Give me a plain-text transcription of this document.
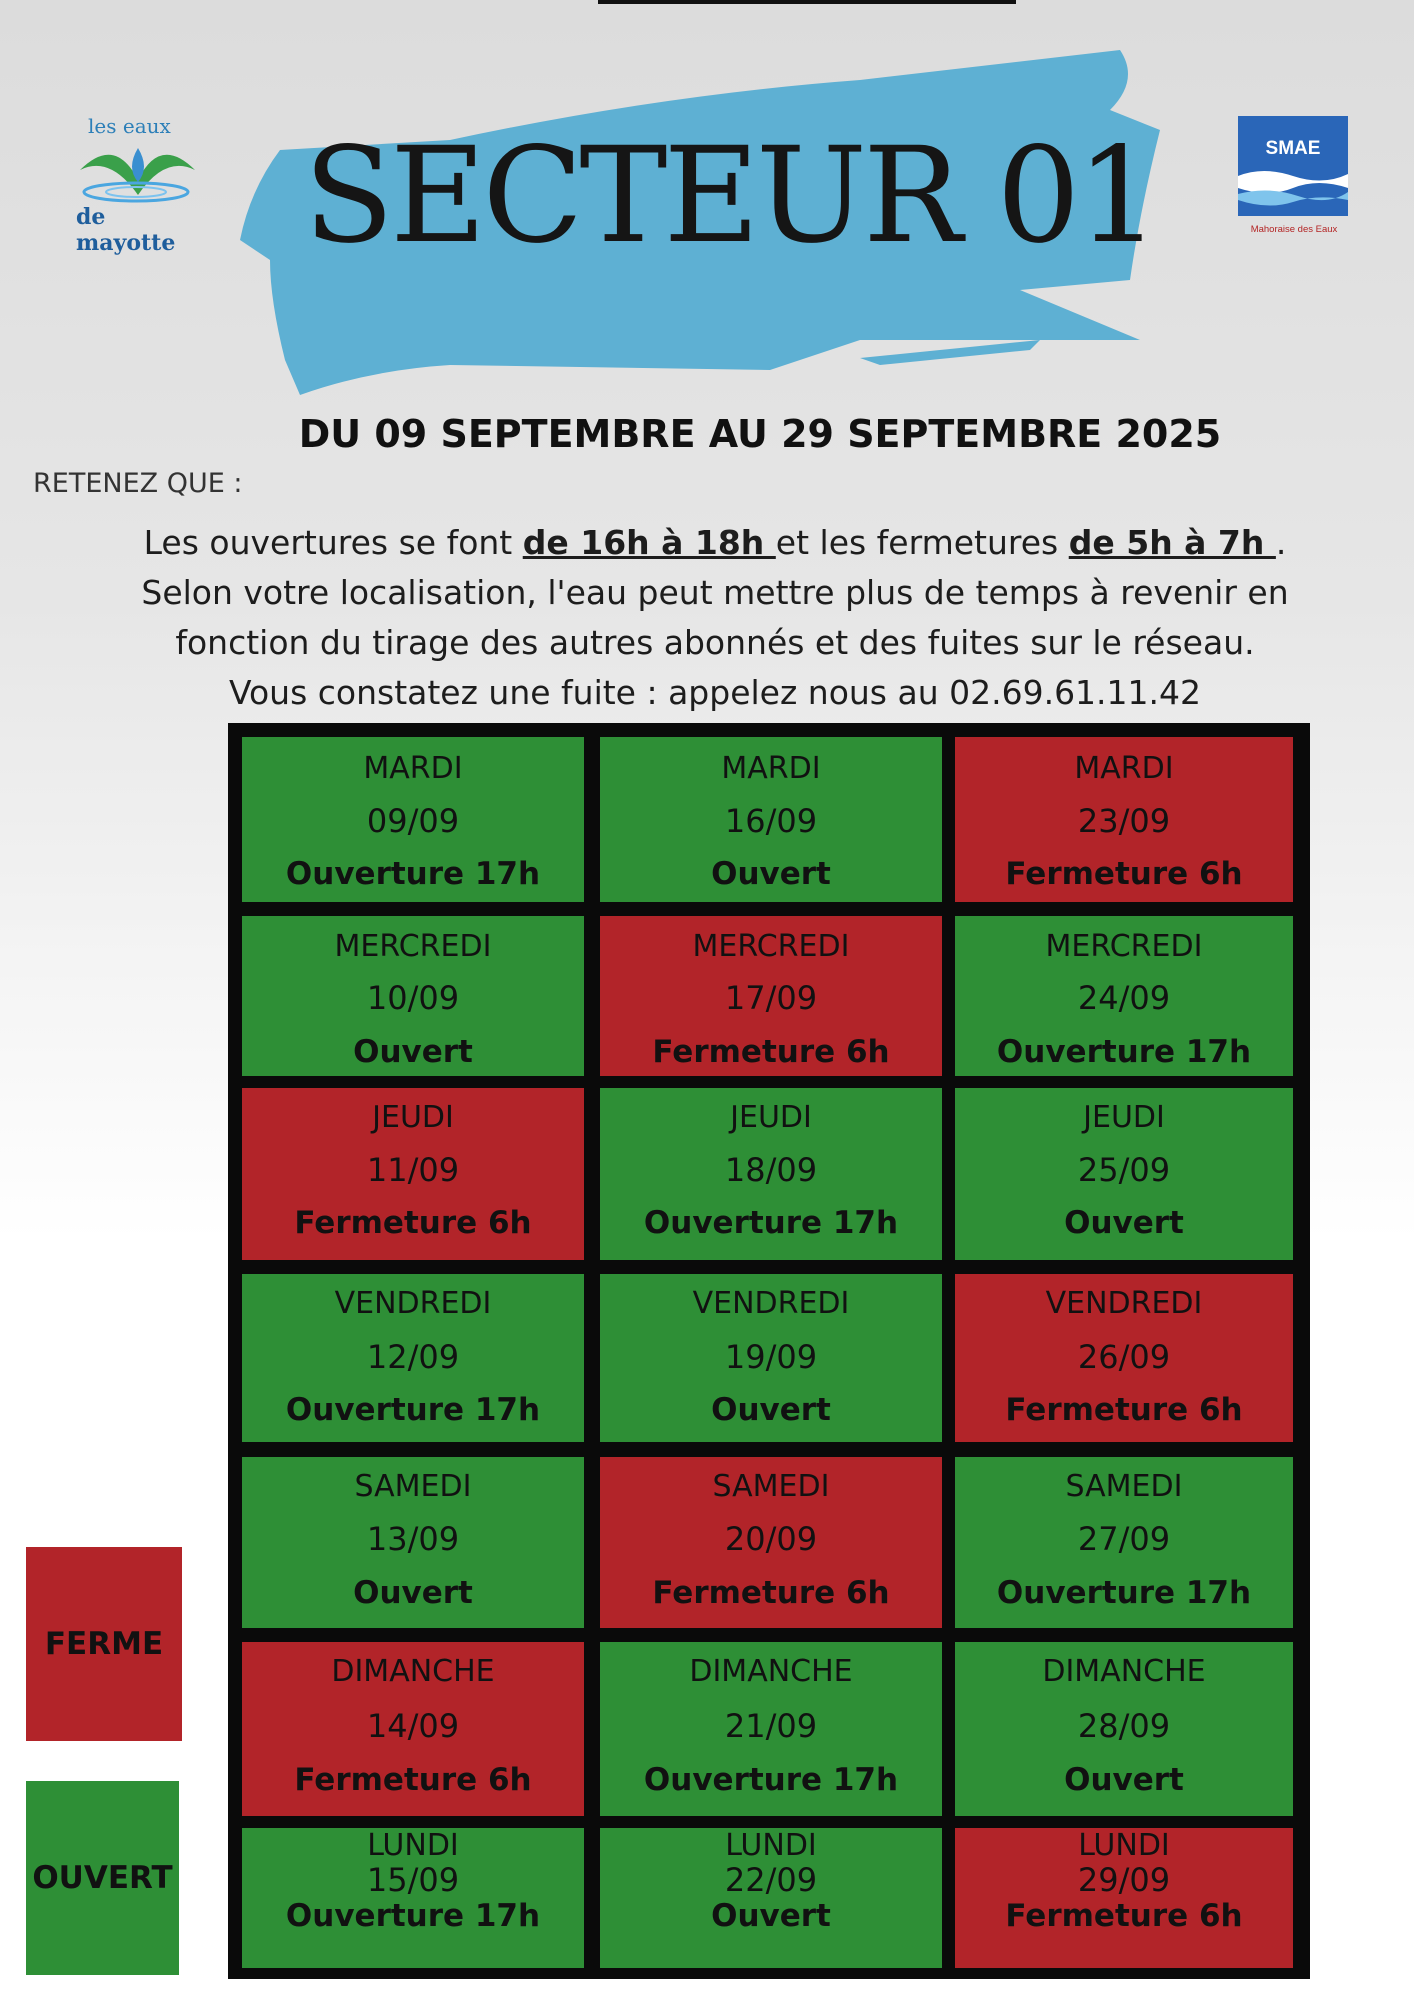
les eaux
de mayotte
SMAE
Mahoraise des Eaux
SECTEUR 01
DU 09 SEPTEMBRE AU 29 SEPTEMBRE 2025
RETENEZ QUE :
Les ouvertures se font de 16h à 18h et les fermetures de 5h à 7h . Selon votre localisation, l'eau peut mettre plus de temps à revenir en fonction du tirage des autres abonnés et des fuites sur le réseau.
Vous constatez une fuite : appelez nous au 02.69.61.11.42
MARDI
09/09
Ouverture 17h
MARDI
16/09
Ouvert
MARDI
23/09
Fermeture 6h
MERCREDI
10/09
Ouvert
MERCREDI
17/09
Fermeture 6h
MERCREDI
24/09
Ouverture 17h
JEUDI
11/09
Fermeture 6h
JEUDI
18/09
Ouverture 17h
JEUDI
25/09
Ouvert
VENDREDI
12/09
Ouverture 17h
VENDREDI
19/09
Ouvert
VENDREDI
26/09
Fermeture 6h
SAMEDI
13/09
Ouvert
SAMEDI
20/09
Fermeture 6h
SAMEDI
27/09
Ouverture 17h
DIMANCHE
14/09
Fermeture 6h
DIMANCHE
21/09
Ouverture 17h
DIMANCHE
28/09
Ouvert
LUNDI
15/09
Ouverture 17h
LUNDI
22/09
Ouvert
LUNDI
29/09
Fermeture 6h
FERME
OUVERT
